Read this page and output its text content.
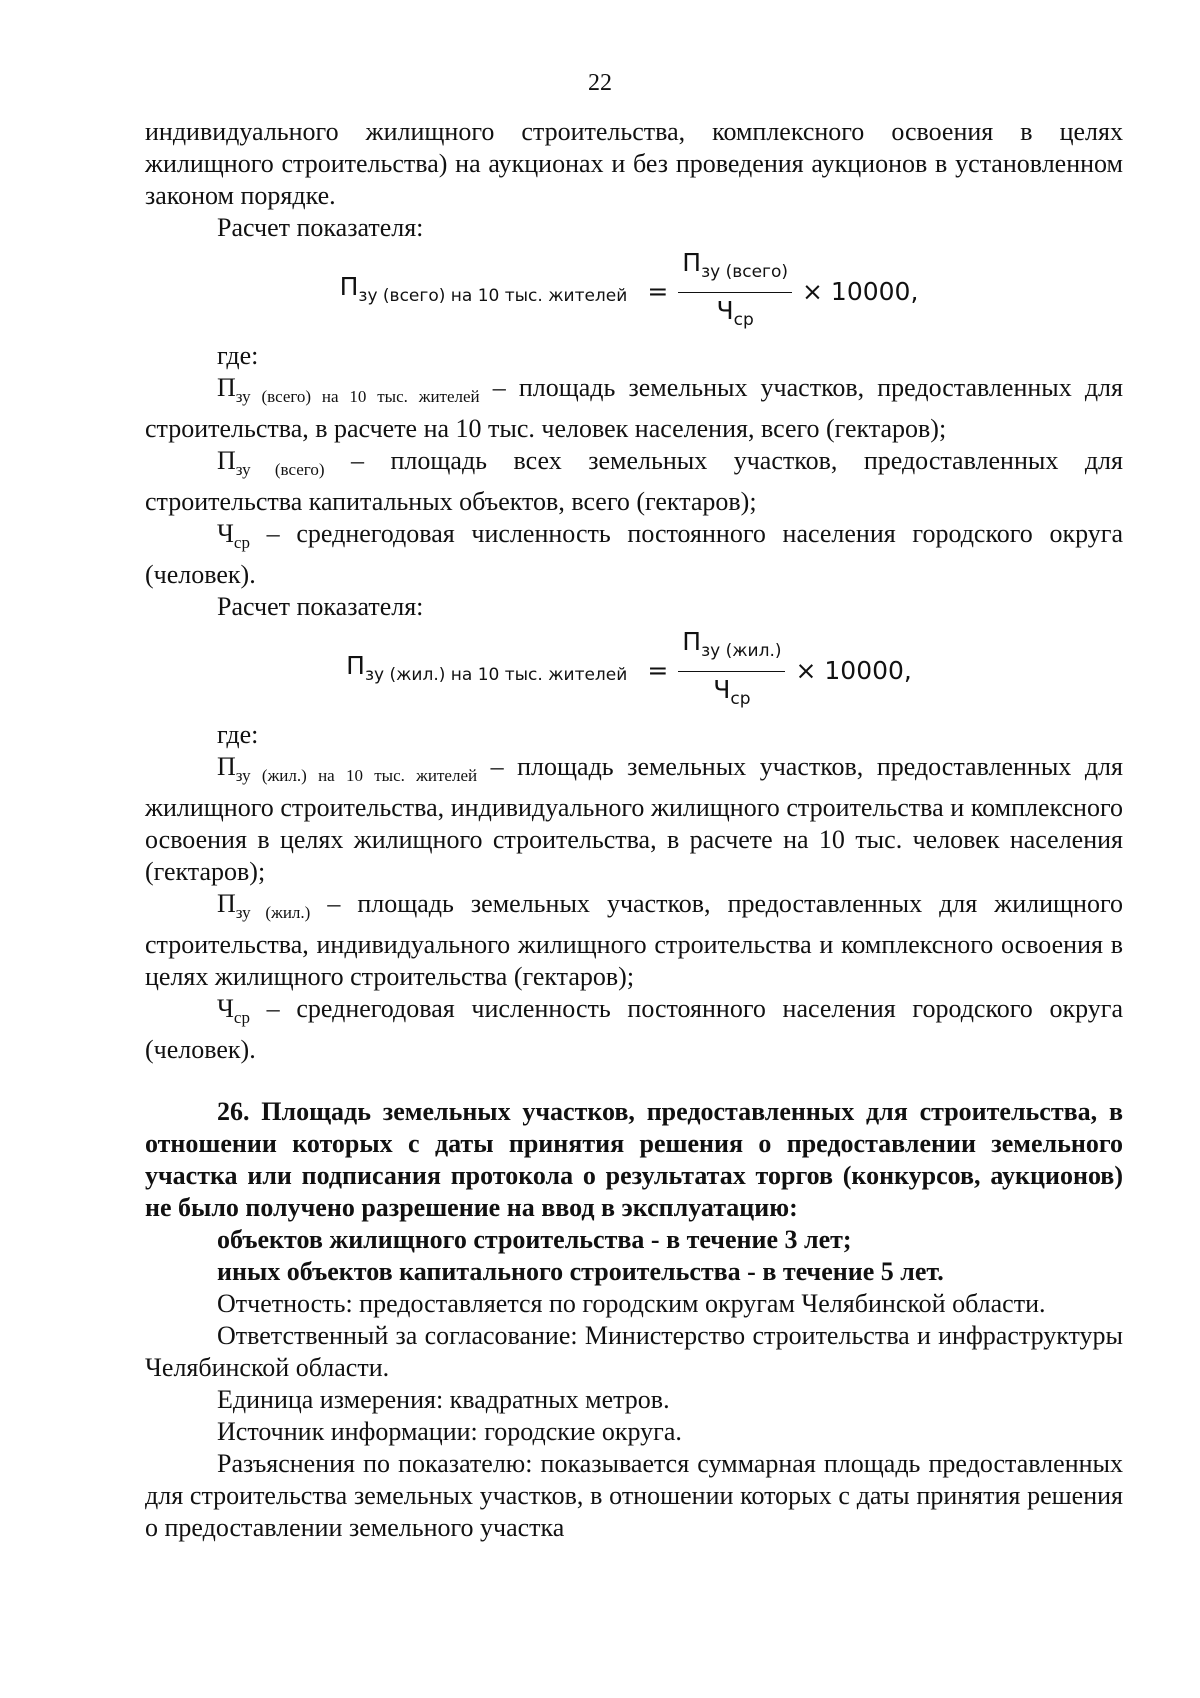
22

индивидуального жилищного строительства, комплексного освоения в целях жилищного строительства) на аукционах и без проведения аукционов в установленном законом порядке.

Расчет показателя:

$П_{зу (всего) на 10 тыс. жителей} = \frac{П_{зу (всего)}}{Ч_{ср}} \times 10000$,

где:

$П_{зу (всего) на 10 тыс. жителей}$ – площадь земельных участков, предоставленных для строительства, в расчете на 10 тыс. человек населения, всего (гектаров);

$П_{зу (всего)}$ – площадь всех земельных участков, предоставленных для строительства капитальных объектов, всего (гектаров);

$Ч_{ср}$ – среднегодовая численность постоянного населения городского округа (человек).

Расчет показателя:

$П_{зу (жил.) на 10 тыс. жителей} = \frac{П_{зу (жил.)}}{Ч_{ср}} \times 10000$,

где:

$П_{зу (жил.) на 10 тыс. жителей}$ – площадь земельных участков, предоставленных для жилищного строительства, индивидуального жилищного строительства и комплексного освоения в целях жилищного строительства, в расчете на 10 тыс. человек населения (гектаров);

$П_{зу (жил.)}$ – площадь земельных участков, предоставленных для жилищного строительства, индивидуального жилищного строительства и комплексного освоения в целях жилищного строительства (гектаров);

$Ч_{ср}$ – среднегодовая численность постоянного населения городского округа (человек).

26. Площадь земельных участков, предоставленных для строительства, в отношении которых с даты принятия решения о предоставлении земельного участка или подписания протокола о результатах торгов (конкурсов, аукционов) не было получено разрешение на ввод в эксплуатацию:

объектов жилищного строительства - в течение 3 лет;

иных объектов капитального строительства - в течение 5 лет.

Отчетность: предоставляется по городским округам Челябинской области.

Ответственный за согласование: Министерство строительства и инфраструктуры Челябинской области.

Единица измерения: квадратных метров.

Источник информации: городские округа.

Разъяснения по показателю: показывается суммарная площадь предоставленных для строительства земельных участков, в отношении которых с даты принятия решения о предоставлении земельного участка
